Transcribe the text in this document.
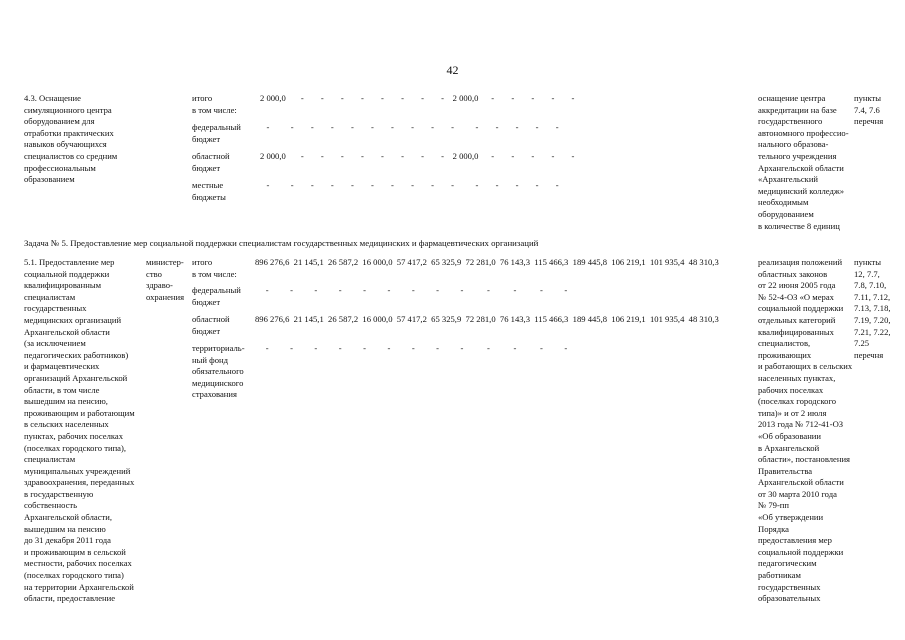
42
4.3. Оснащение
симуляционного центра
оборудованием для
отработки практических
навыков обучающихся
специалистов со средним
профессиональным
образованием
итого
в том числе:
2 000,0       -        -        -        -        -        -        -        -    2 000,0      -        -        -        -        -
федеральный
бюджет
-          -        -        -        -        -        -        -        -        -          -        -        -        -        -
областной
бюджет
2 000,0       -        -        -        -        -        -        -        -    2 000,0      -        -        -        -        -
местные
бюджеты
-          -        -        -        -        -        -        -        -        -          -        -        -        -        -
оснащение центра
аккредитации на базе
государственного
автономного профессио-
нального образова-
тельного учреждения
Архангельской области
«Архангельский
медицинский колледж»
необходимым
оборудованием
в количестве 8 единиц
пункты
7.4, 7.6
перечня
Задача № 5. Предоставление мер социальной поддержки специалистам государственных медицинских и фармацевтических организаций
5.1. Предоставление мер
социальной поддержки
квалифицированным
специалистам
государственных
медицинских организаций
Архангельской области
(за исключением
педагогических работников)
и фармацевтических
организаций Архангельской
области, в том числе
вышедшим на пенсию,
проживающим и работающим
в сельских населенных
пунктах, рабочих поселках
(поселках городского типа),
специалистам
муниципальных учреждений
здравоохранения, переданных
в государственную
собственность
Архангельской области,
вышедшим на пенсию
до 31 декабря 2011 года
и проживающим в сельской
местности, рабочих поселках
(поселках городского типа)
на территории Архангельской
области, предоставление
министер-
ство
здраво-
охранения
итого
в том числе:
896 276,6  21 145,1  26 587,2  16 000,0  57 417,2  65 325,9  72 281,0  76 143,3  115 466,3  189 445,8  106 219,1  101 935,4  48 310,3
федеральный
бюджет
-          -          -          -          -          -          -          -          -           -           -           -          -
областной
бюджет
896 276,6  21 145,1  26 587,2  16 000,0  57 417,2  65 325,9  72 281,0  76 143,3  115 466,3  189 445,8  106 219,1  101 935,4  48 310,3
территориаль-
ный фонд
обязательного
медицинского
страхования
-          -          -          -          -          -          -          -          -           -           -           -          -
реализация положений
областных законов
от 22 июня 2005 года
№ 52-4-ОЗ «О мерах
социальной поддержки
отдельных категорий
квалифицированных
специалистов,
проживающих
и работающих в сельских
населенных пунктах,
рабочих поселках
(поселках городского
типа)» и от 2 июля
2013 года № 712-41-ОЗ
«Об образовании
в Архангельской
области», постановления
Правительства
Архангельской области
от 30 марта 2010 года
№ 79-пп
«Об утверждении
Порядка
предоставления мер
социальной поддержки
педагогическим
работникам
государственных
образовательных
пункты
12, 7.7,
7.8, 7.10,
7.11, 7.12,
7.13, 7.18,
7.19, 7.20,
7.21, 7.22,
7.25
перечня
